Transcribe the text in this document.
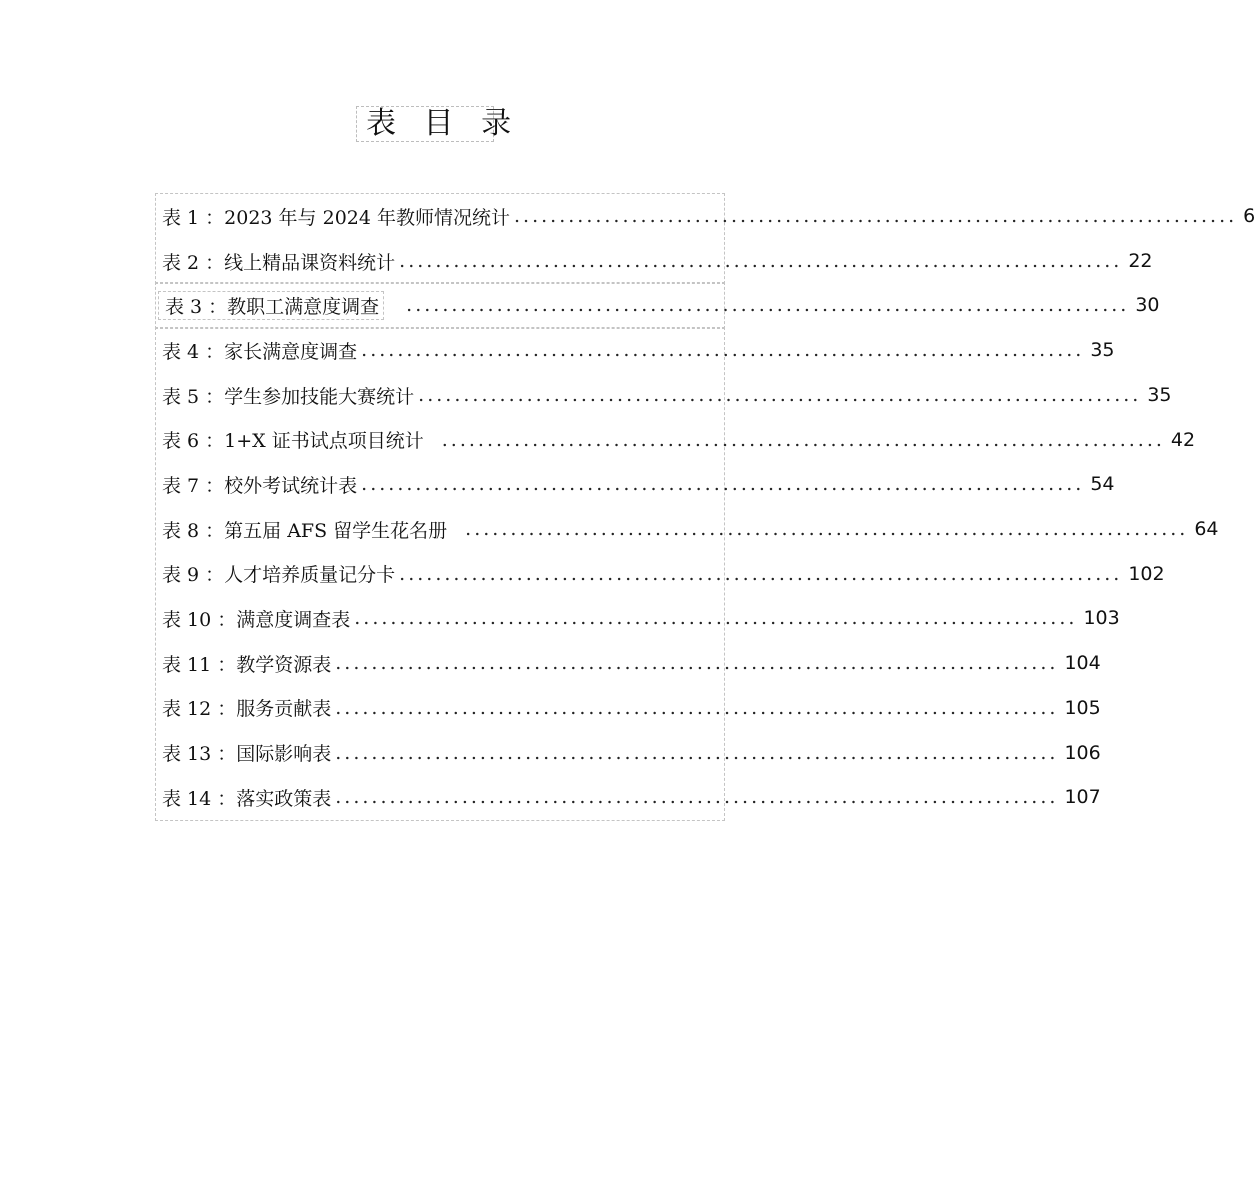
表 目 录
表 1 ：2023 年与 2024 年教师情况统计 ................................................................................ 6
表 2 ：线上精品课资料统计 ................................................................................ 22
表 3 ：教职工满意度调查 ................................................................................ 30
表 4 ：家长满意度调查 ................................................................................ 35
表 5 ：学生参加技能大赛统计 ................................................................................ 35
表 6 ：1+X 证书试点项目统计 ................................................................................ 42
表 7 ：校外考试统计表 ................................................................................ 54
表 8 ：第五届 AFS 留学生花名册 ................................................................................ 64
表 9 ：人才培养质量记分卡 ................................................................................ 102
表 10 ：满意度调查表 ................................................................................ 103
表 11 ：教学资源表 ................................................................................ 104
表 12 ：服务贡献表 ................................................................................ 105
表 13 ：国际影响表 ................................................................................ 106
表 14 ：落实政策表 ................................................................................ 107
